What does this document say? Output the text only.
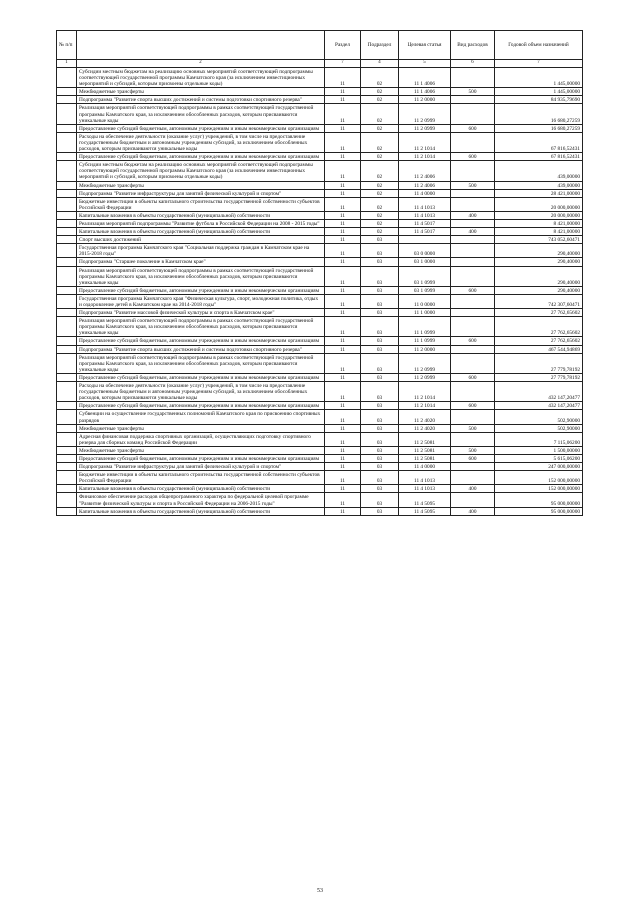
№ п/п		Раздел	Подраздел	Целевая статья	Вид расходов	Годовой объем назначений
1	2	7	4	5	6	7
	Субсидии местным бюджетам на реализацию основных мероприятий соответствующей подпрограммы соответствующей государственной программы Камчатского края (за исключением инвестиционных мероприятий и субсидий, которым присвоены отдельные коды)	11	02	11 1 4006		1 445,00000
	Межбюджетные трансферты	11	02	11 1 4006	500	1 445,00000
	Подпрограмма "Развитие спорта высших достижений и системы подготовки спортивного резерва"	11	02	11 2 0000		84 935,79690
	Реализация мероприятий соответствующей подпрограммы в рамках соответствующей государственной программы Камчатского края, за исключением обособленных расходов, которым присваиваются уникальные коды	11	02	11 2 0999		16 680,27259
	Предоставление субсидий бюджетным, автономным учреждениям и иным некоммерческим организациям	11	02	11 2 0999	600	16 680,27259
	Расходы на обеспечение деятельности (оказание услуг) учреждений, в том числе на предоставление государственным бюджетным и автономным учреждениям субсидий, за исключением обособленных расходов, которым присваиваются уникальные коды	11	02	11 2 1014		67 816,52431
	Предоставление субсидий бюджетным, автономным учреждениям и иным некоммерческим организациям	11	02	11 2 1014	600	67 816,52431
	Субсидии местным бюджетам на реализацию основных мероприятий соответствующей подпрограммы соответствующей государственной программы Камчатского края (за исключением инвестиционных мероприятий и субсидий, которым присвоены отдельные коды)	11	02	11 2 4006		439,00000
	Межбюджетные трансферты	11	02	11 2 4006	500	439,00000
	Подпрограмма "Развитие инфраструктуры для занятий физической культурой и спортом"	11	02	11 4 0000		28 421,00000
	Бюджетные инвестиции в объекты капитального строительства государственной собственности субъектов Российской Федерации	11	02	11 4 1013		20 000,00000
	Капитальные вложения в объекты государственной (муниципальной) собственности	11	02	11 4 1013	400	20 000,00000
	Реализация мероприятий подпрограммы "Развитие футбола в Российской Федерации на 2008 - 2015 годы"	11	02	11 4 5017		8 421,00000
	Капитальные вложения в объекты государственной (муниципальной) собственности	11	02	11 4 5017	400	8 421,00000
	Спорт высших достижений	11	03			743 052,60471
	Государственная программа Камчатского края "Социальная поддержка граждан в Камчатском крае на 2015-2018 годы"	11	03	03 0 0000		290,40000
	Подпрограмма "Старшее поколение в Камчатском крае"	11	03	03 1 0000		290,40000
	Реализация мероприятий соответствующей подпрограммы в рамках соответствующей государственной программы Камчатского края, за исключением обособленных расходов, которым присваиваются уникальные коды	11	03	03 1 0999		290,40000
	Предоставление субсидий бюджетным, автономным учреждениям и иным некоммерческим организациям	11	03	03 1 0999	600	290,40000
	Государственная программа Камчатского края "Физическая культура, спорт, молодежная политика, отдых и оздоровление детей в Камчатском крае на 2014-2018 годы"	11	03	11 0 0000		742 307,60471
	Подпрограмма "Развитие массовой физической культуры и спорта в Камчатском крае"	11	03	11 1 0000		27 762,65602
	Реализация мероприятий соответствующей подпрограммы в рамках соответствующей государственной программы Камчатского края, за исключением обособленных расходов, которым присваиваются уникальные коды	11	03	11 1 0999		27 762,65602
	Предоставление субсидий бюджетным, автономным учреждениям и иным некоммерческим организациям	11	03	11 1 0999	600	27 762,65602
	Подпрограмма "Развитие спорта высших достижений и системы подготовки спортивного резерва"	11	03	11 2 0000		467 544,94869
	Реализация мероприятий соответствующей подпрограммы в рамках соответствующей государственной программы Камчатского края, за исключением обособленных расходов, которым присваиваются уникальные коды	11	03	11 2 0999		27 779,78192
	Предоставление субсидий бюджетным, автономным учреждениям и иным некоммерческим организациям	11	03	11 2 0999	600	27 779,78192
	Расходы на обеспечение деятельности (оказание услуг) учреждений, в том числе на предоставление государственным бюджетным и автономным учреждениям субсидий, за исключением обособленных расходов, которым присваиваются уникальные коды	11	03	11 2 1014		432 147,20477
	Предоставление субсидий бюджетным, автономным учреждениям и иным некоммерческим организациям	11	03	11 2 1014	600	432 147,20477
	Субвенции на осуществление государственных полномочий Камчатского края по присвоению спортивных разрядов	11	03	11 2 4020		502,90000
	Межбюджетные трансферты	11	03	11 2 4020	500	502,90000
	Адресная финансовая поддержка спортивных организаций, осуществляющих подготовку спортивного резерва для сборных команд Российской Федерации	11	03	11 2 5081		7 115,06200
	Межбюджетные трансферты	11	03	11 2 5081	500	1 500,00000
	Предоставление субсидий бюджетным, автономным учреждениям и иным некоммерческим организациям	11	03	11 2 5081	600	5 615,06200
	Подпрограмма "Развитие инфраструктуры для занятий физической культурой и спортом"	11	03	11 4 0000		247 000,00000
	Бюджетные инвестиции в объекты капитального строительства государственной собственности субъектов Российской Федерации	11	03	11 4 1013		152 000,00000
	Капитальные вложения в объекты государственной (муниципальной) собственности	11	03	11 4 1013	400	152 000,00000
	Финансовое обеспечение расходов общепрограммного характера по федеральной целевой программе "Развитие физической культуры и спорта в Российской Федерации на 2006-2015 годы"	11	03	11 4 5095		95 000,00000
	Капитальные вложения в объекты государственной (муниципальной) собственности	11	03	11 4 5095	400	95 000,00000
53
